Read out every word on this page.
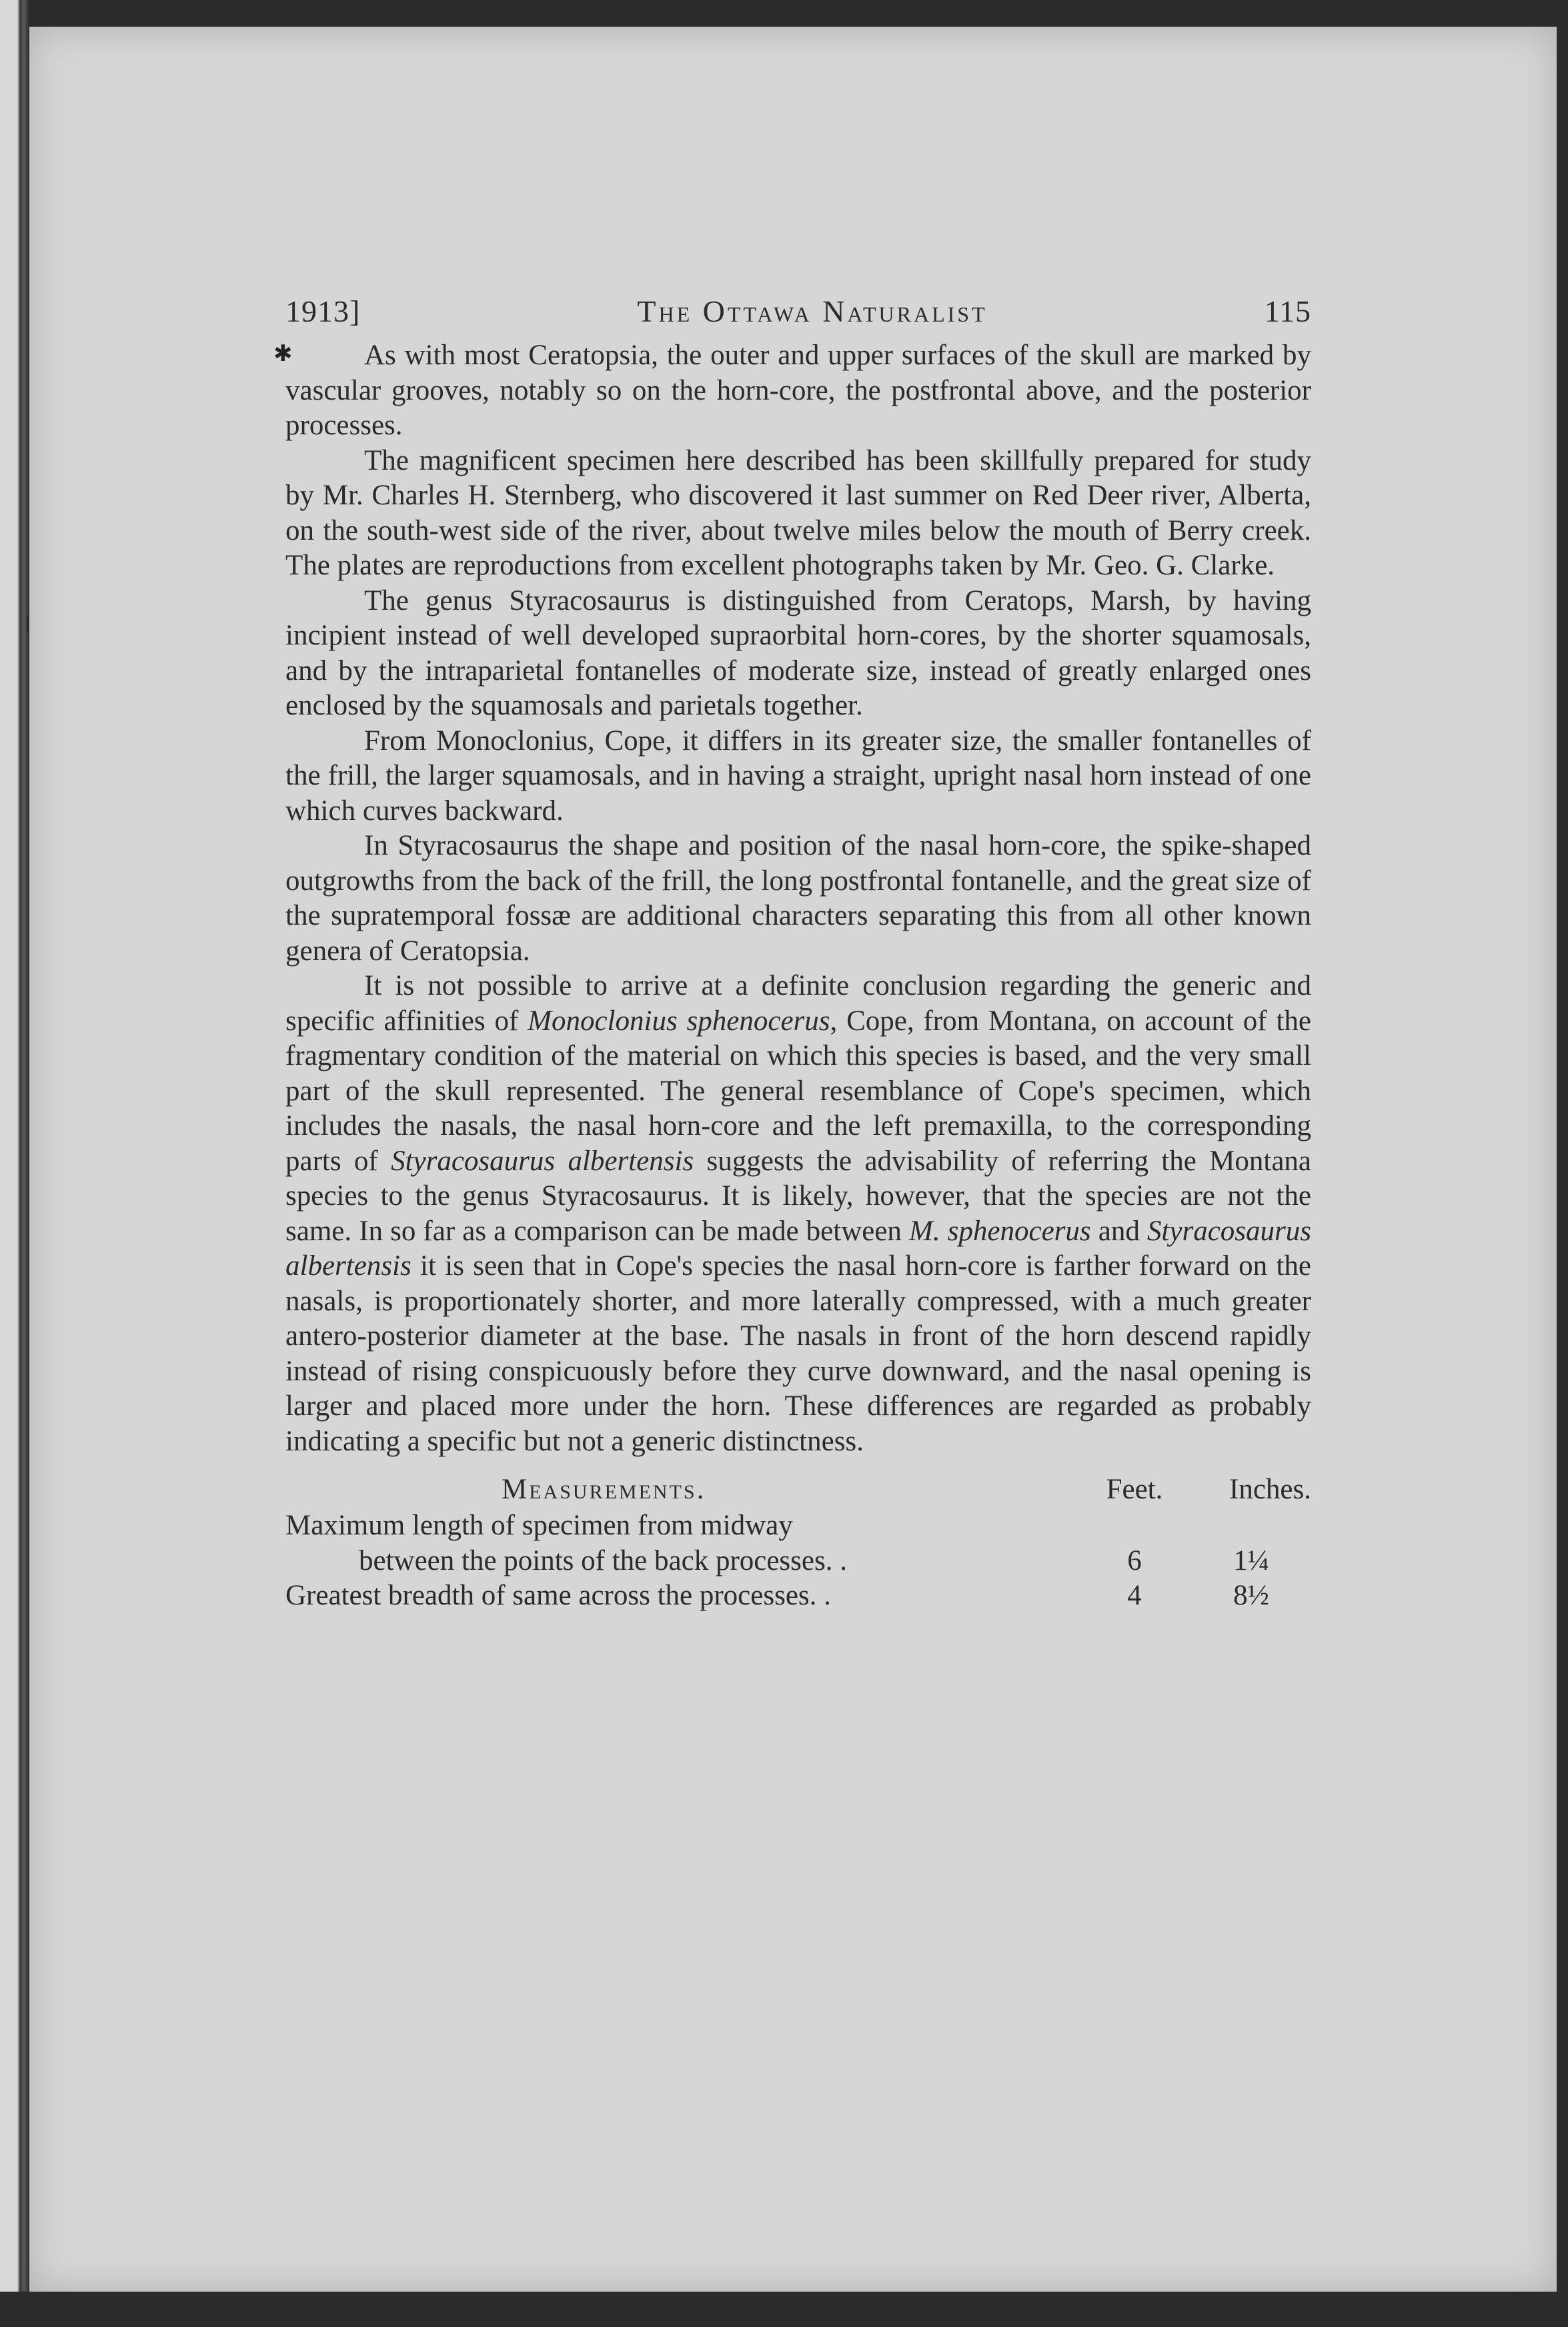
✱
1913]	The Ottawa Naturalist	115

As with most Ceratopsia, the outer and upper surfaces of the skull are marked by vascular grooves, notably so on the horn-core, the postfrontal above, and the posterior processes.

The magnificent specimen here described has been skillfully prepared for study by Mr. Charles H. Sternberg, who discovered it last summer on Red Deer river, Alberta, on the south-west side of the river, about twelve miles below the mouth of Berry creek. The plates are reproductions from excellent photographs taken by Mr. Geo. G. Clarke.

The genus Styracosaurus is distinguished from Ceratops, Marsh, by having incipient instead of well developed supraorbital horn-cores, by the shorter squamosals, and by the intraparietal fontanelles of moderate size, instead of greatly enlarged ones enclosed by the squamosals and parietals together.

From Monoclonius, Cope, it differs in its greater size, the smaller fontanelles of the frill, the larger squamosals, and in having a straight, upright nasal horn instead of one which curves backward.

In Styracosaurus the shape and position of the nasal horn-core, the spike-shaped outgrowths from the back of the frill, the long postfrontal fontanelle, and the great size of the supratemporal fossæ are additional characters separating this from all other known genera of Ceratopsia.

It is not possible to arrive at a definite conclusion regarding the generic and specific affinities of Monoclonius sphenocerus, Cope, from Montana, on account of the fragmentary condition of the material on which this species is based, and the very small part of the skull represented. The general resemblance of Cope's specimen, which includes the nasals, the nasal horn-core and the left premaxilla, to the corresponding parts of Styracosaurus albertensis suggests the advisability of referring the Montana species to the genus Styracosaurus. It is likely, however, that the species are not the same. In so far as a comparison can be made between M. sphenocerus and Styracosaurus albertensis it is seen that in Cope's species the nasal horn-core is farther forward on the nasals, is proportionately shorter, and more laterally compressed, with a much greater antero-posterior diameter at the base. The nasals in front of the horn descend rapidly instead of rising conspicuously before they curve downward, and the nasal opening is larger and placed more under the horn. These differences are regarded as probably indicating a specific but not a generic distinctness.

Measurements.	Feet.	Inches.
Maximum length of specimen from midway
between the points of the back processes. .	6	1¼
Greatest breadth of same across the processes. .	4	8½
